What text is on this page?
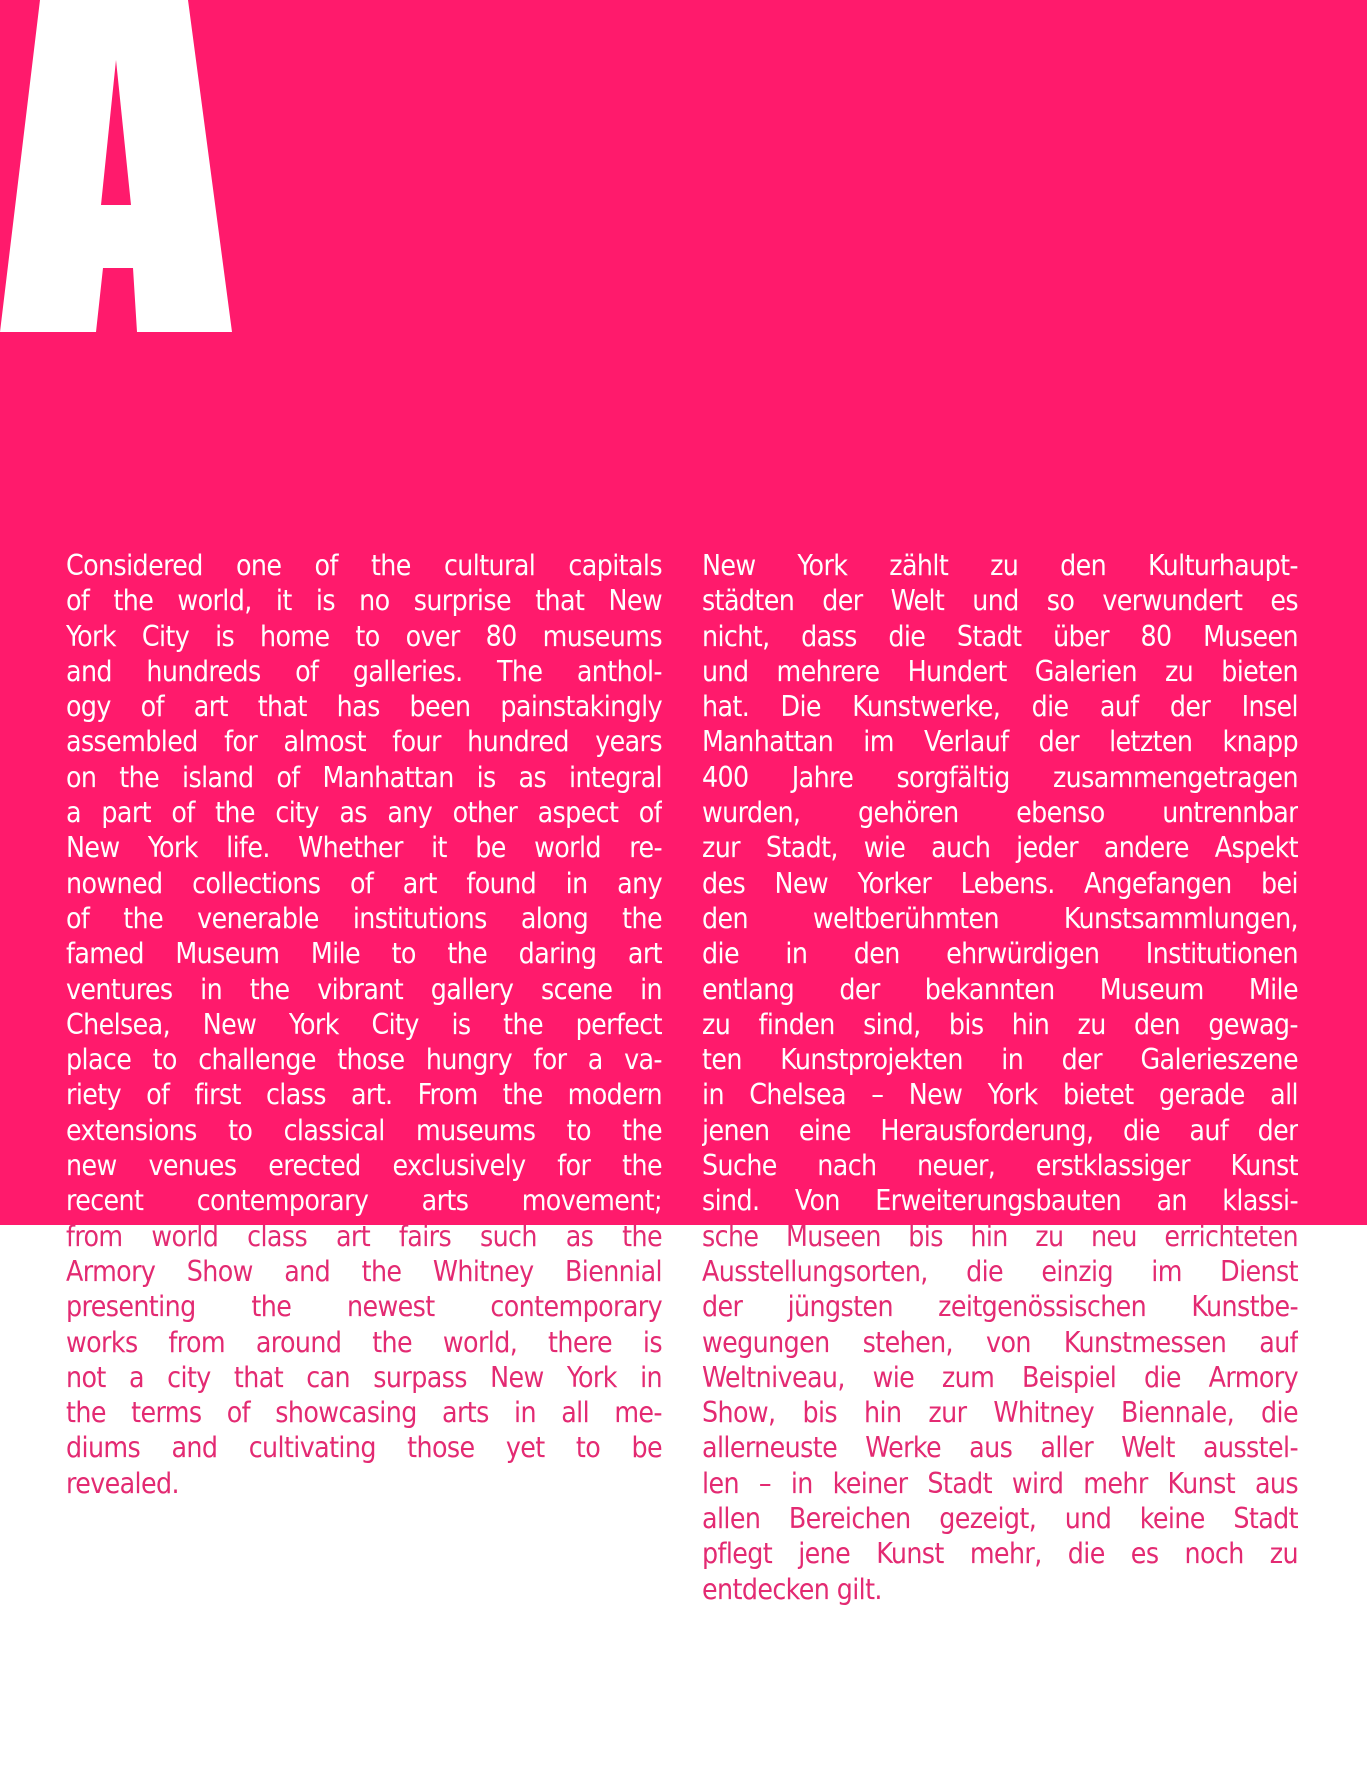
Considered one of the cultural capitals
of the world, it is no surprise that New
York City is home to over 80 museums
and hundreds of galleries. The anthol-
ogy of art that has been painstakingly
assembled for almost four hundred years
on the island of Manhattan is as integral
a part of the city as any other aspect of
New York life. Whether it be world re-
nowned collections of art found in any
of the venerable institutions along the
famed Museum Mile to the daring art
ventures in the vibrant gallery scene in
Chelsea, New York City is the perfect
place to challenge those hungry for a va-
riety of first class art. From the modern
extensions to classical museums to the
new venues erected exclusively for the
recent contemporary arts movement;
from world class art fairs such as the
Armory Show and the Whitney Biennial
presenting the newest contemporary
works from around the world, there is
not a city that can surpass New York in
the terms of showcasing arts in all me-
diums and cultivating those yet to be
revealed.
New York zählt zu den Kulturhaupt-
städten der Welt und so verwundert es
nicht, dass die Stadt über 80 Museen
und mehrere Hundert Galerien zu bieten
hat. Die Kunstwerke, die auf der Insel
Manhattan im Verlauf der letzten knapp
400 Jahre sorgfältig zusammengetragen
wurden, gehören ebenso untrennbar
zur Stadt, wie auch jeder andere Aspekt
des New Yorker Lebens. Angefangen bei
den weltberühmten Kunstsammlungen,
die in den ehrwürdigen Institutionen
entlang der bekannten Museum Mile
zu finden sind, bis hin zu den gewag-
ten Kunstprojekten in der Galerieszene
in Chelsea – New York bietet gerade all
jenen eine Herausforderung, die auf der
Suche nach neuer, erstklassiger Kunst
sind. Von Erweiterungsbauten an klassi-
sche Museen bis hin zu neu errichteten
Ausstellungsorten, die einzig im Dienst
der jüngsten zeitgenössischen Kunstbe-
wegungen stehen, von Kunstmessen auf
Weltniveau, wie zum Beispiel die Armory
Show, bis hin zur Whitney Biennale, die
allerneuste Werke aus aller Welt ausstel-
len – in keiner Stadt wird mehr Kunst aus
allen Bereichen gezeigt, und keine Stadt
pflegt jene Kunst mehr, die es noch zu
entdecken gilt.
